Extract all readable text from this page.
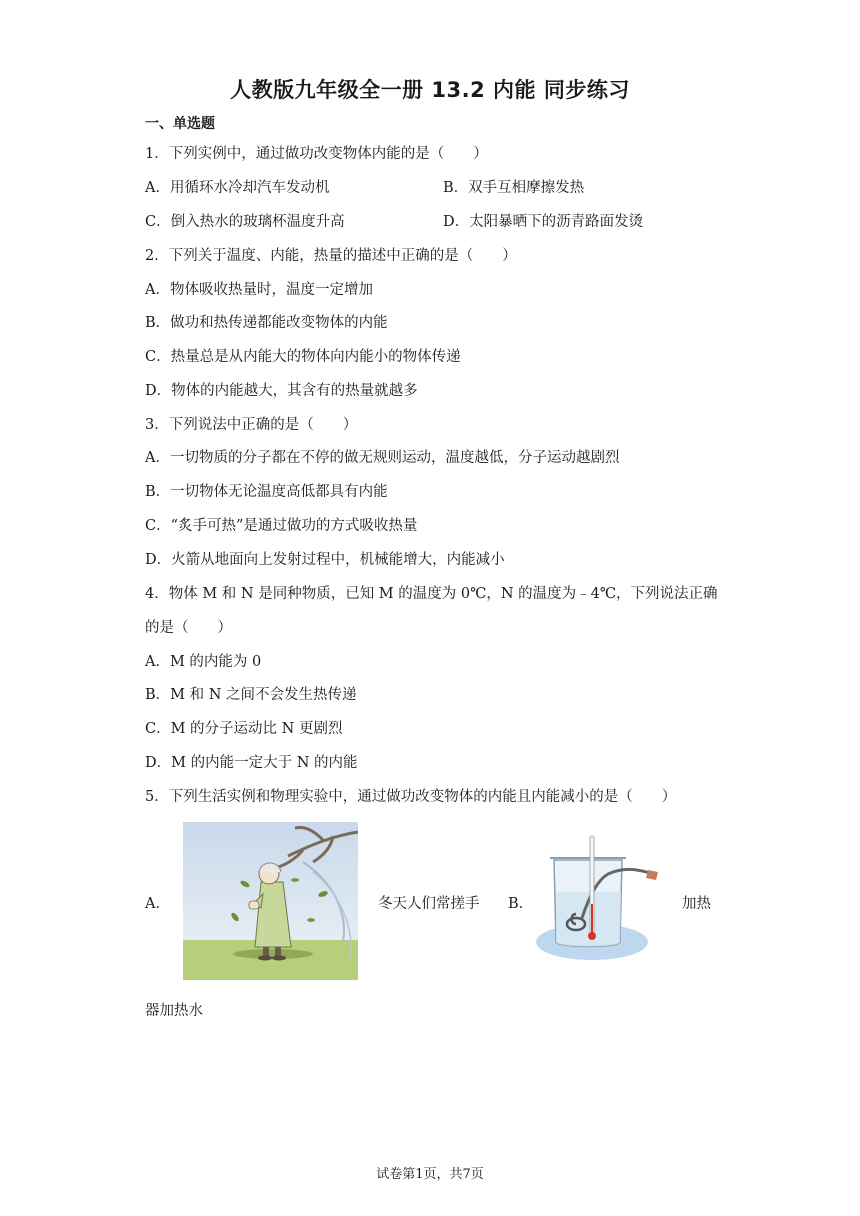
人教版九年级全一册 13.2 内能 同步练习
一、单选题
1．下列实例中，通过做功改变物体内能的是（　　）
A．用循环水冷却汽车发动机	B．双手互相摩擦发热
C．倒入热水的玻璃杯温度升高	D．太阳暴晒下的沥青路面发烫
2．下列关于温度、内能，热量的描述中正确的是（　　）
A．物体吸收热量时，温度一定增加
B．做功和热传递都能改变物体的内能
C．热量总是从内能大的物体向内能小的物体传递
D．物体的内能越大，其含有的热量就越多
3．下列说法中正确的是（　　）
A．一切物质的分子都在不停的做无规则运动，温度越低，分子运动越剧烈
B．一切物体无论温度高低都具有内能
C．“炙手可热”是通过做功的方式吸收热量
D．火箭从地面向上发射过程中，机械能增大，内能减小
4．物体 M 和 N 是同种物质，已知 M 的温度为 0℃，N 的温度为﹣4℃，下列说法正确
的是（　　）
A．M 的内能为 0
B．M 和 N 之间不会发生热传递
C．M 的分子运动比 N 更剧烈
D．M 的内能一定大于 N 的内能
5．下列生活实例和物理实验中，通过做功改变物体的内能且内能减小的是（　　）
A．	冬天人们常搓手 B．	加热
器加热水
试卷第1页，共7页
